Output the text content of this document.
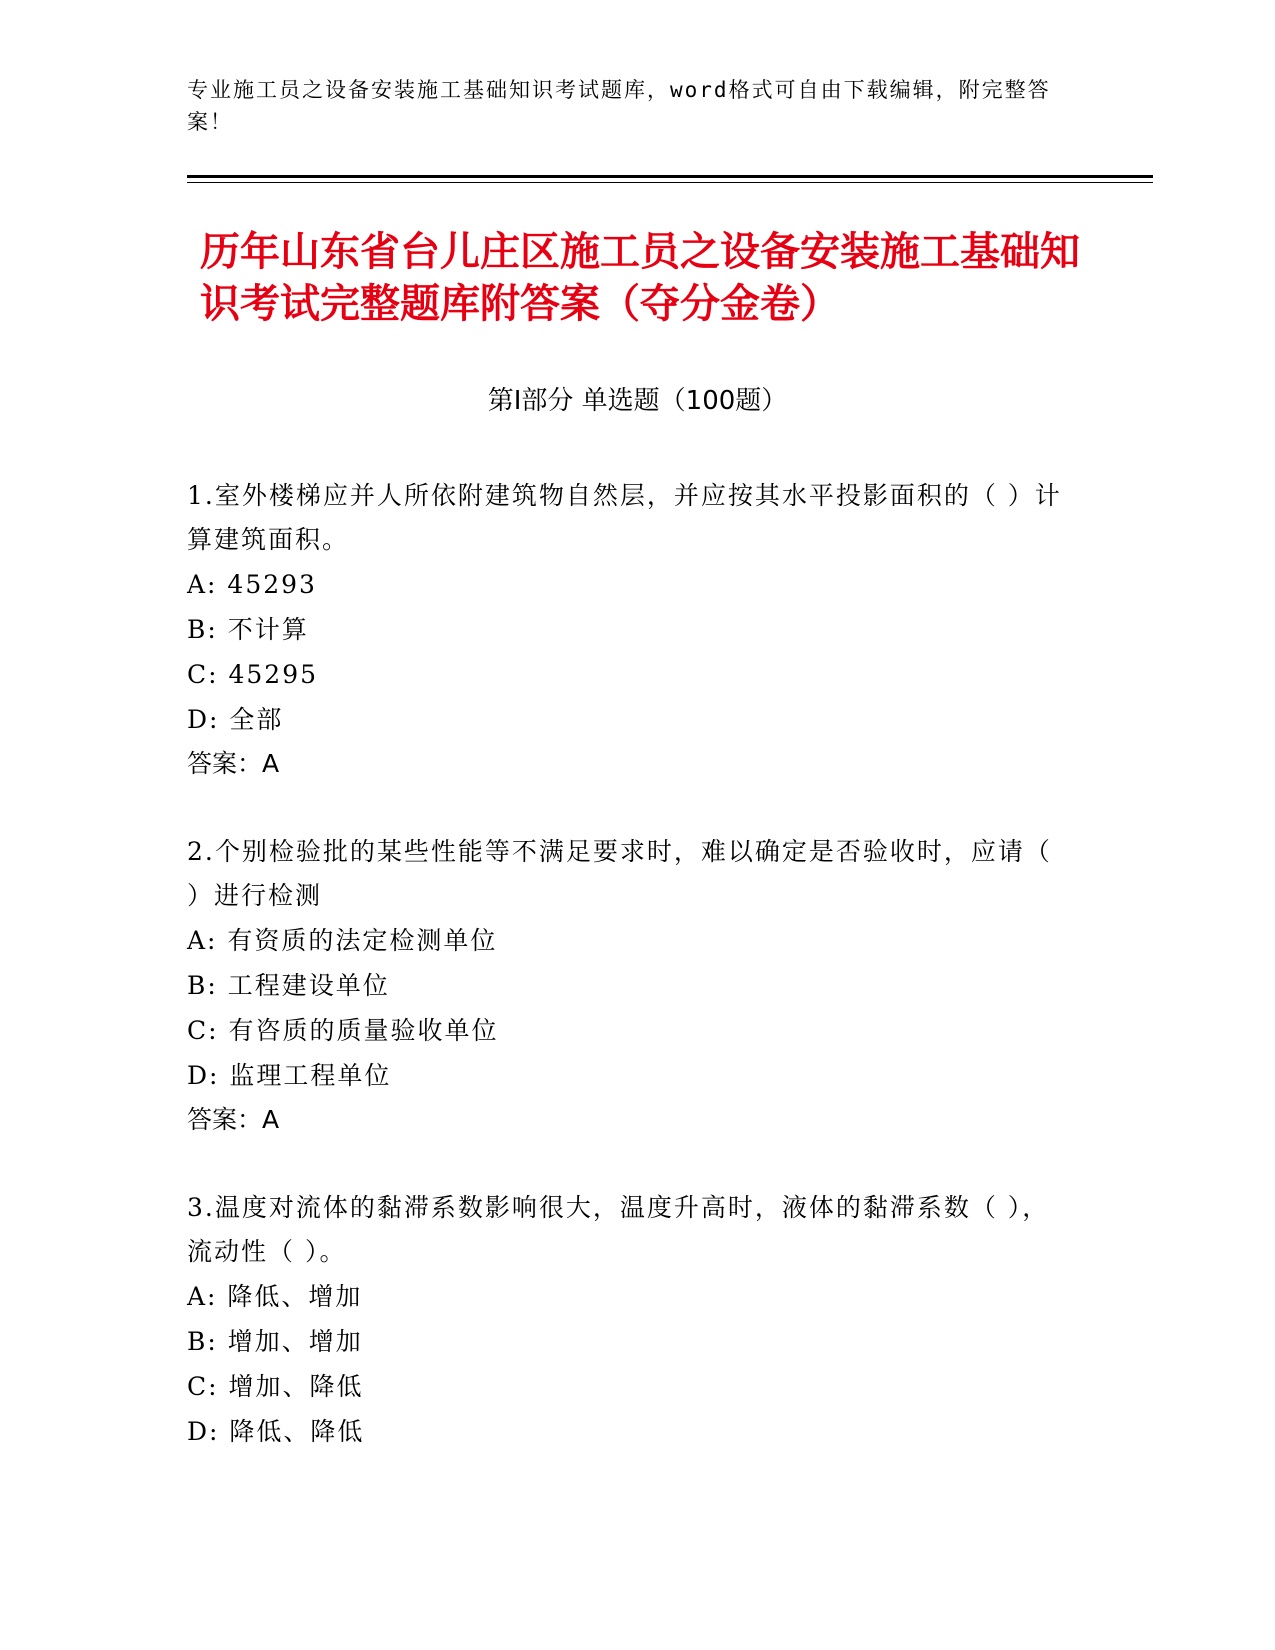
专业施工员之设备安装施工基础知识考试题库，word格式可自由下载编辑，附完整答案！
历年山东省台儿庄区施工员之设备安装施工基础知识考试完整题库附答案（夺分金卷）
第Ⅰ部分 单选题（100题）
1.室外楼梯应并人所依附建筑物自然层，并应按其水平投影面积的（ ）计算建筑面积。
A: 45293
B: 不计算
C: 45295
D: 全部
答案：A
2.个别检验批的某些性能等不满足要求时，难以确定是否验收时，应请（ ）进行检测
A: 有资质的法定检测单位
B: 工程建设单位
C: 有咨质的质量验收单位
D: 监理工程单位
答案：A
3.温度对流体的黏滞系数影响很大，温度升高时，液体的黏滞系数（ ），流动性（ ）。
A: 降低、增加
B: 增加、增加
C: 增加、降低
D: 降低、降低
